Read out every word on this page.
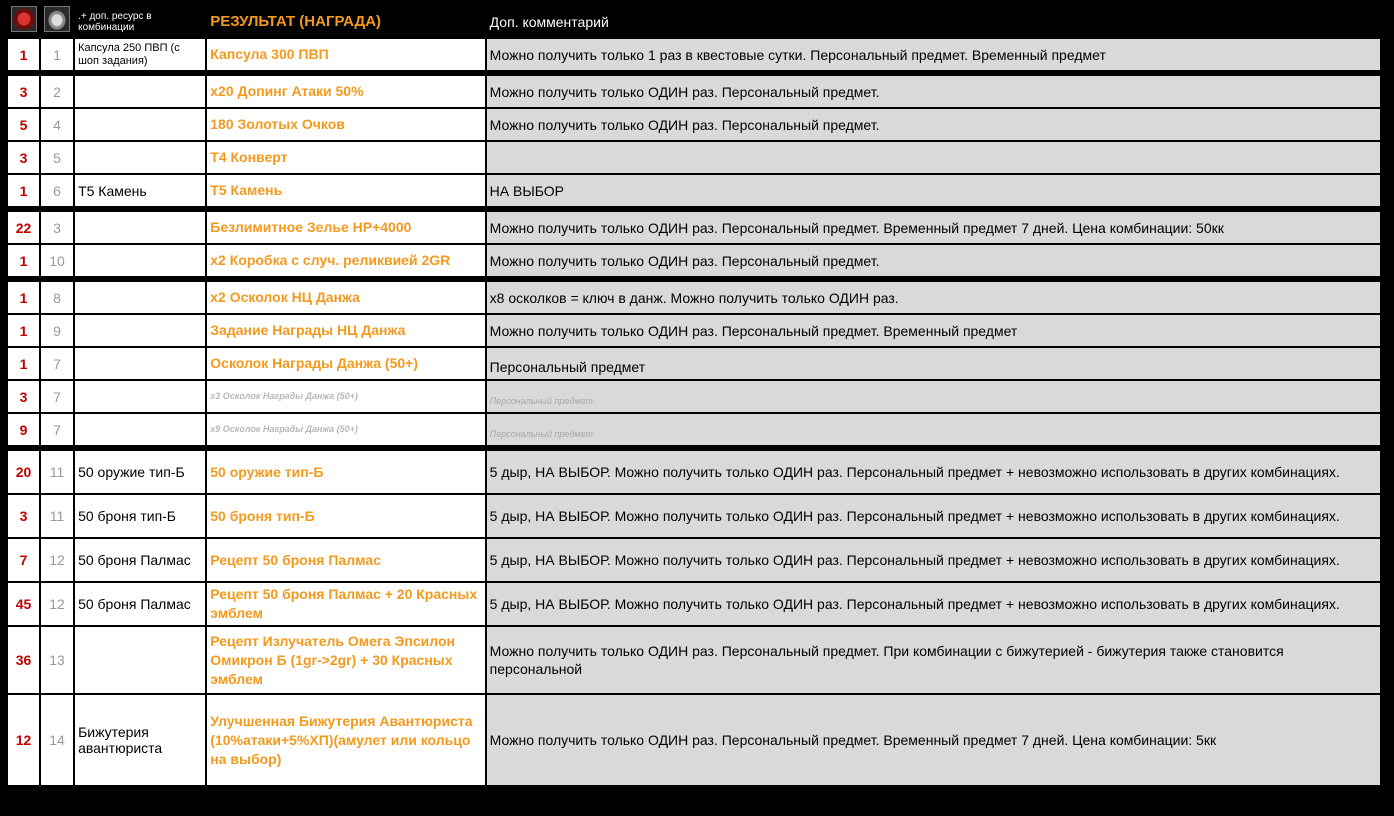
		.+ доп. ресурс в комбинации	РЕЗУЛЬТАТ (НАГРАДА)	Доп. комментарий
1	1	Капсула 250 ПВП (с шоп задания)	Капсула 300 ПВП	Можно получить только 1 раз в квестовые сутки. Персональный предмет. Временный предмет

3	2		x20 Допинг Атаки 50%	Можно получить только ОДИН раз. Персональный предмет.
5	4		180 Золотых Очков	Можно получить только ОДИН раз. Персональный предмет.
3	5		Т4 Конверт	
1	6	Т5 Камень	Т5 Камень	НА ВЫБОР

22	3		Безлимитное Зелье HP+4000	Можно получить только ОДИН раз. Персональный предмет. Временный предмет 7 дней. Цена комбинации: 50кк
1	10		x2 Коробка с случ. реликвией 2GR	Можно получить только ОДИН раз. Персональный предмет.

1	8		x2 Осколок НЦ Данжа	x8 осколков = ключ в данж. Можно получить только ОДИН раз.
1	9		Задание Награды НЦ Данжа	Можно получить только ОДИН раз. Персональный предмет. Временный предмет
1	7		Осколок Награды Данжа (50+)	Персональный предмет
3	7		x3 Осколок Награды Данжа (50+)	Персональный предмет
9	7		x9 Осколок Награды Данжа (50+)	Персональный предмет

20	11	50 оружие тип-Б	50 оружие тип-Б	5 дыр, НА ВЫБОР. Можно получить только ОДИН раз. Персональный предмет + невозможно использовать в других комбинациях.
3	11	50 броня тип-Б	50 броня тип-Б	5 дыр, НА ВЫБОР. Можно получить только ОДИН раз. Персональный предмет + невозможно использовать в других комбинациях.
7	12	50 броня Палмас	Рецепт 50 броня Палмас	5 дыр, НА ВЫБОР. Можно получить только ОДИН раз. Персональный предмет + невозможно использовать в других комбинациях.
45	12	50 броня Палмас	Рецепт 50 броня Палмас + 20 Красных эмблем	5 дыр, НА ВЫБОР. Можно получить только ОДИН раз. Персональный предмет + невозможно использовать в других комбинациях.
36	13		Рецепт Излучатель Омега Эпсилон Омикрон Б (1gr->2gr) + 30 Красных эмблем	Можно получить только ОДИН раз. Персональный предмет. При комбинации с бижутерией - бижутерия также становится персональной
12	14	Бижутерия авантюриста	Улучшенная Бижутерия Авантюриста (10%атаки+5%ХП)(амулет или кольцо на выбор)	Можно получить только ОДИН раз. Персональный предмет. Временный предмет 7 дней. Цена комбинации: 5кк
